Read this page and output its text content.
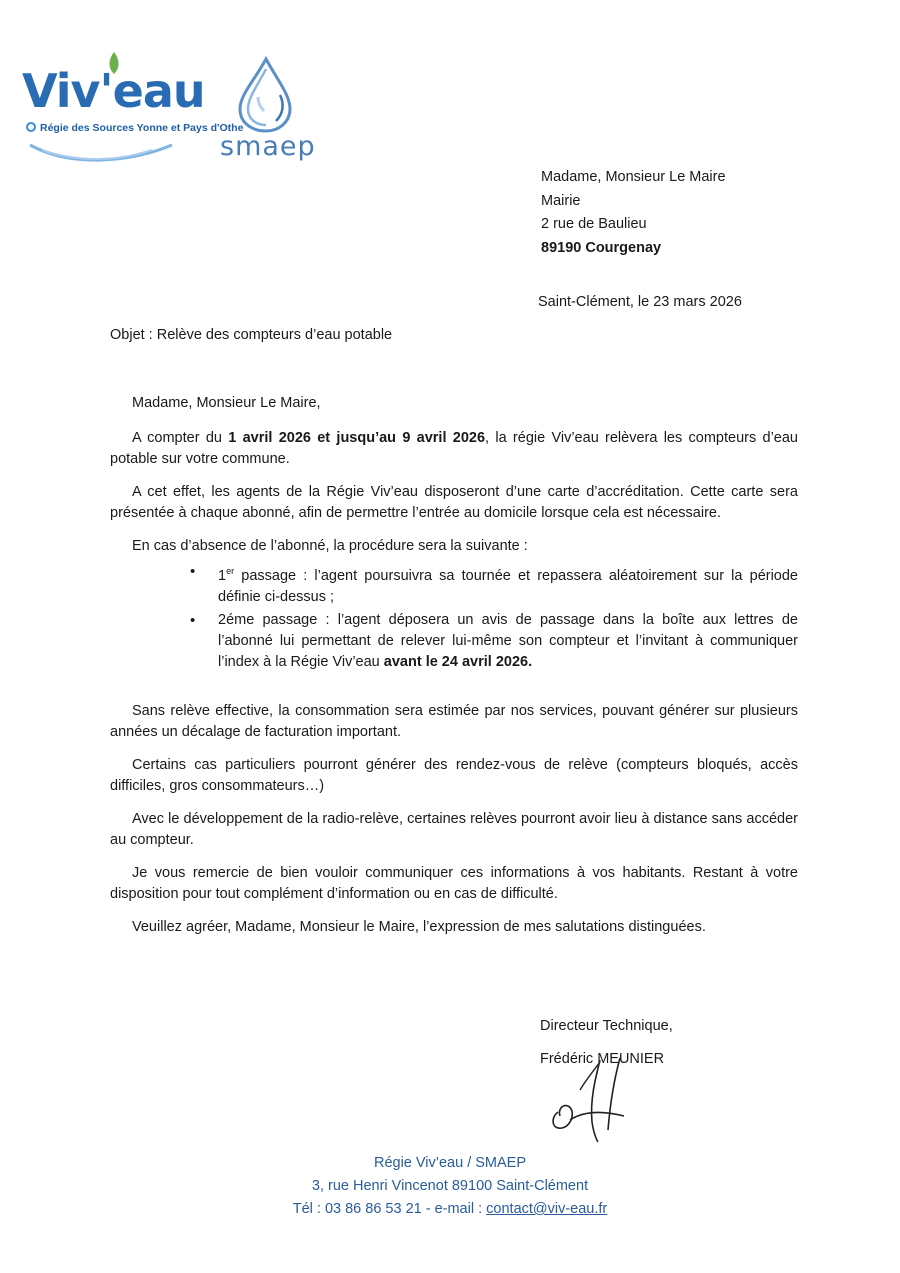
Viv'eau
Régie des Sources Yonne et Pays d'Othe
smaep
Madame, Monsieur Le Maire
Mairie
2 rue de Baulieu
89190 Courgenay
Saint-Clément, le 23 mars 2026
Objet : Relève des compteurs d’eau potable

Madame, Monsieur Le Maire,

A compter du 1 avril 2026 et jusqu’au 9 avril 2026, la régie Viv’eau relèvera les compteurs d’eau potable sur votre commune.

A cet effet, les agents de la Régie Viv’eau disposeront d’une carte d’accréditation. Cette carte sera présentée à chaque abonné, afin de permettre l’entrée au domicile lorsque cela est nécessaire.

En cas d’absence de l’abonné, la procédure sera la suivante :

• 1er passage : l’agent poursuivra sa tournée et repassera aléatoirement sur la période définie ci-dessus ;
• 2éme passage : l’agent déposera un avis de passage dans la boîte aux lettres de l’abonné lui permettant de relever lui-même son compteur et l’invitant à communiquer l’index à la Régie Viv’eau avant le 24 avril 2026.

Sans relève effective, la consommation sera estimée par nos services, pouvant générer sur plusieurs années un décalage de facturation important.

Certains cas particuliers pourront générer des rendez-vous de relève (compteurs bloqués, accès difficiles, gros consommateurs…)

Avec le développement de la radio-relève, certaines relèves pourront avoir lieu à distance sans accéder au compteur.

Je vous remercie de bien vouloir communiquer ces informations à vos habitants. Restant à votre disposition pour tout complément d’information ou en cas de difficulté.

Veuillez agréer, Madame, Monsieur le Maire, l’expression de mes salutations distinguées.

Directeur Technique,
Frédéric MEUNIER
Régie Viv’eau / SMAEP
3, rue Henri Vincenot 89100 Saint-Clément
Tél : 03 86 86 53 21 - e-mail : contact@viv-eau.fr
